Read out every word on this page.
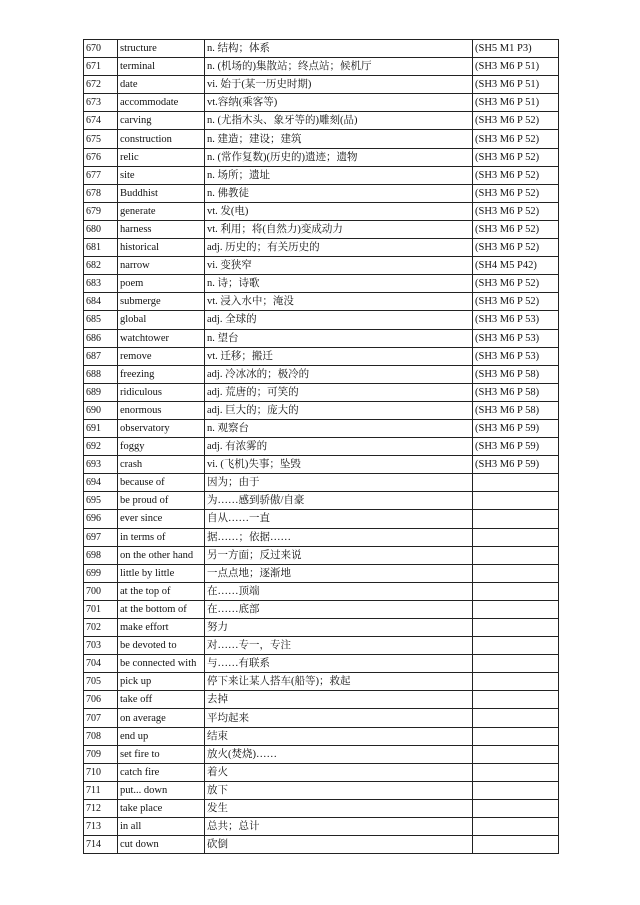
670	structure	n. 结构；体系	(SH5 M1 P3)
671	terminal	n. (机场的)集散站；终点站；候机厅	(SH3 M6 P 51)
672	date	vi. 始于(某一历史时期)	(SH3 M6 P 51)
673	accommodate	vt.容纳(乘客等)	(SH3 M6 P 51)
674	carving	n. (尤指木头、象牙等的)雕刻(品)	(SH3 M6 P 52)
675	construction	n. 建造；建设；建筑	(SH3 M6 P 52)
676	relic	n. (常作复数)(历史的)遗迹；遗物	(SH3 M6 P 52)
677	site	n. 场所；遗址	(SH3 M6 P 52)
678	Buddhist	n. 佛教徒	(SH3 M6 P 52)
679	generate	vt. 发(电)	(SH3 M6 P 52)
680	harness	vt. 利用；将(自然力)变成动力	(SH3 M6 P 52)
681	historical	adj. 历史的；有关历史的	(SH3 M6 P 52)
682	narrow	vi. 变狭窄	(SH4 M5 P42)
683	poem	n. 诗；诗歌	(SH3 M6 P 52)
684	submerge	vt. 浸入水中；淹没	(SH3 M6 P 52)
685	global	adj. 全球的	(SH3 M6 P 53)
686	watchtower	n. 望台	(SH3 M6 P 53)
687	remove	vt. 迁移；搬迁	(SH3 M6 P 53)
688	freezing	adj. 冷冰冰的；极冷的	(SH3 M6 P 58)
689	ridiculous	adj. 荒唐的；可笑的	(SH3 M6 P 58)
690	enormous	adj. 巨大的；庞大的	(SH3 M6 P 58)
691	observatory	n. 观察台	(SH3 M6 P 59)
692	foggy	adj. 有浓雾的	(SH3 M6 P 59)
693	crash	vi. (飞机)失事；坠毁	(SH3 M6 P 59)
694	because of	因为；由于	
695	be proud of	为……感到骄傲/自豪	
696	ever since	自从……一直	
697	in terms of	据……；依据……	
698	on the other hand	另一方面；反过来说	
699	little by little	一点点地；逐渐地	
700	at the top of	在……顶端	
701	at the bottom of	在……底部	
702	make effort	努力	
703	be devoted to	对……专一，专注	
704	be connected with	与……有联系	
705	pick up	停下来让某人搭车(船等)；救起	
706	take off	去掉	
707	on average	平均起来	
708	end up	结束	
709	set fire to	放火(焚烧)……	
710	catch fire	着火	
711	put... down	放下	
712	take place	发生	
713	in all	总共；总计	
714	cut down	砍倒	
